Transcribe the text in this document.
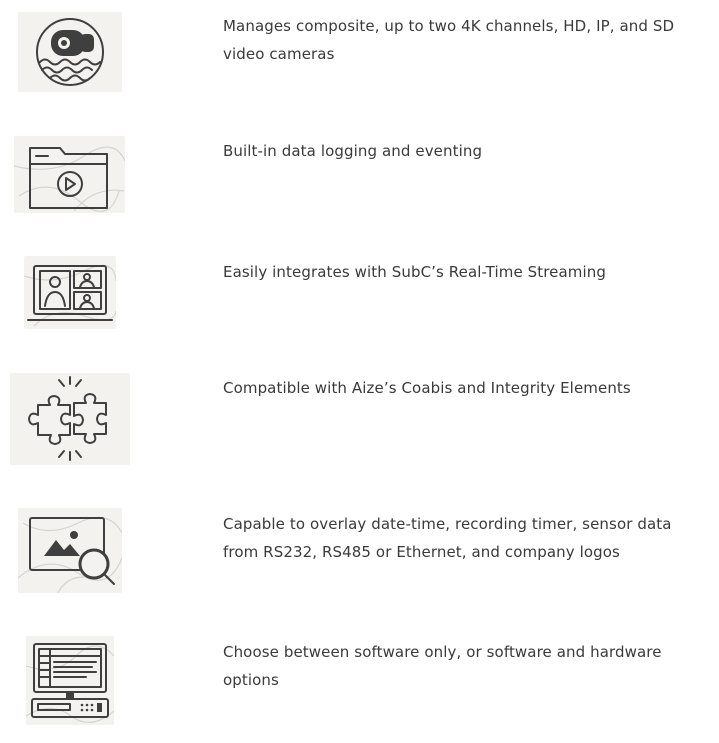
Manages composite, up to two 4K channels, HD, IP, and SD video cameras
Built-in data logging and eventing
Easily integrates with SubC’s Real-Time Streaming
Compatible with Aize’s Coabis and Integrity Elements
Capable to overlay date-time, recording timer, sensor data from RS232, RS485 or Ethernet, and company logos
Choose between software only, or software and hardware options
